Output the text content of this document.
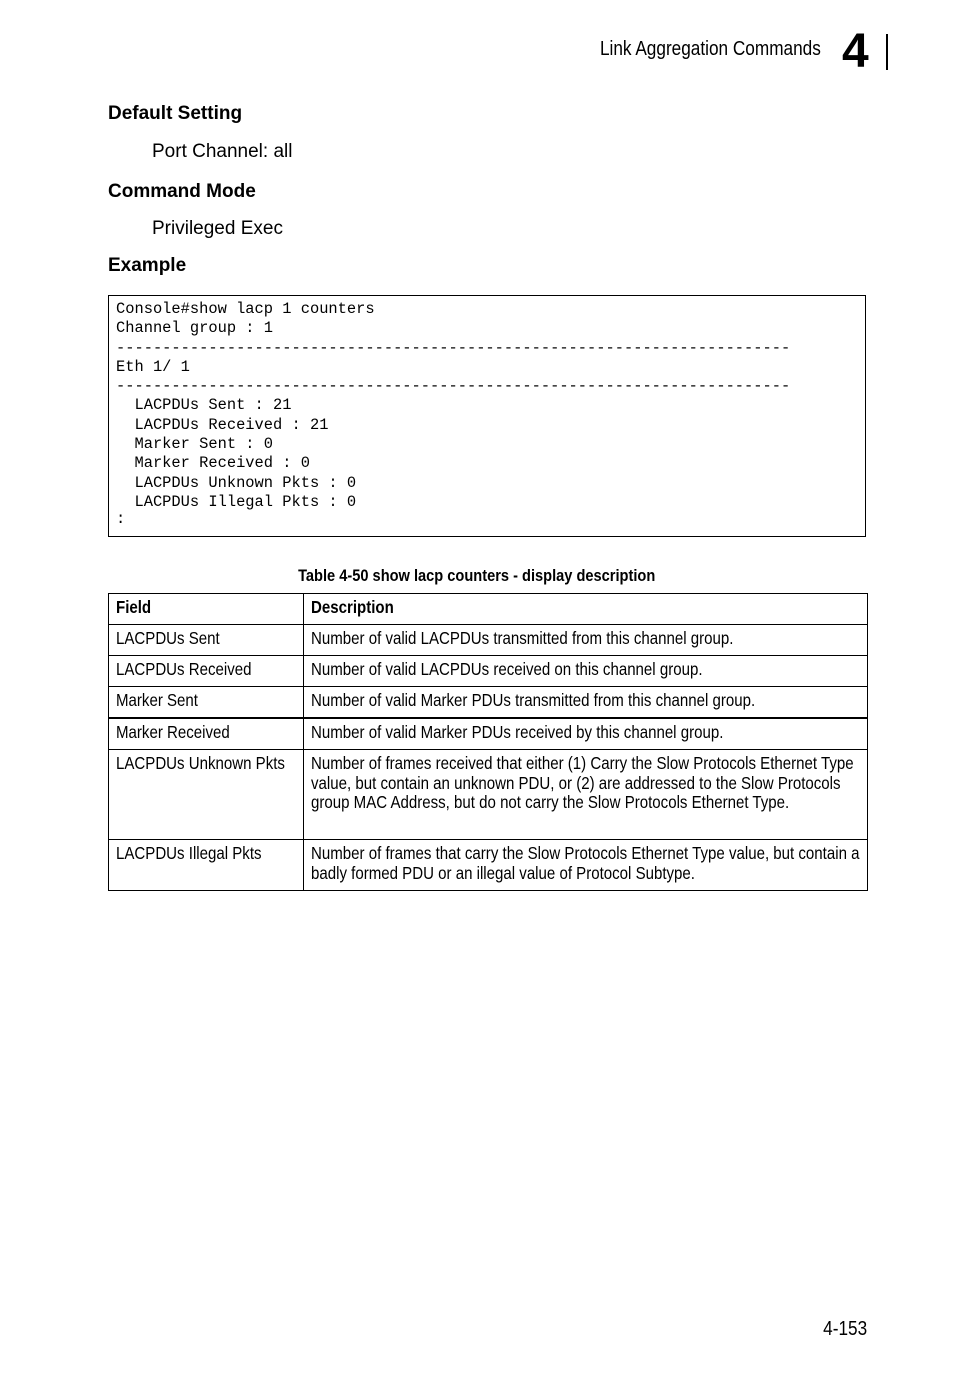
Link Aggregation Commands 4
Default Setting
Port Channel: all
Command Mode
Privileged Exec
Example
Console#show lacp 1 counters
Channel group : 1
-------------------------------------------------------------------------
Eth 1/ 1
-------------------------------------------------------------------------
LACPDUs Sent : 21
LACPDUs Received : 21
Marker Sent : 0
Marker Received : 0
LACPDUs Unknown Pkts : 0
LACPDUs Illegal Pkts : 0
:
Table 4-50 show lacp counters - display description
Field	Description
LACPDUs Sent	Number of valid LACPDUs transmitted from this channel group.
LACPDUs Received	Number of valid LACPDUs received on this channel group.
Marker Sent	Number of valid Marker PDUs transmitted from this channel group.
Marker Received	Number of valid Marker PDUs received by this channel group.
LACPDUs Unknown Pkts	Number of frames received that either (1) Carry the Slow Protocols Ethernet Type value, but contain an unknown PDU, or (2) are addressed to the Slow Protocols group MAC Address, but do not carry the Slow Protocols Ethernet Type.
LACPDUs Illegal Pkts	Number of frames that carry the Slow Protocols Ethernet Type value, but contain a badly formed PDU or an illegal value of Protocol Subtype.
4-153
